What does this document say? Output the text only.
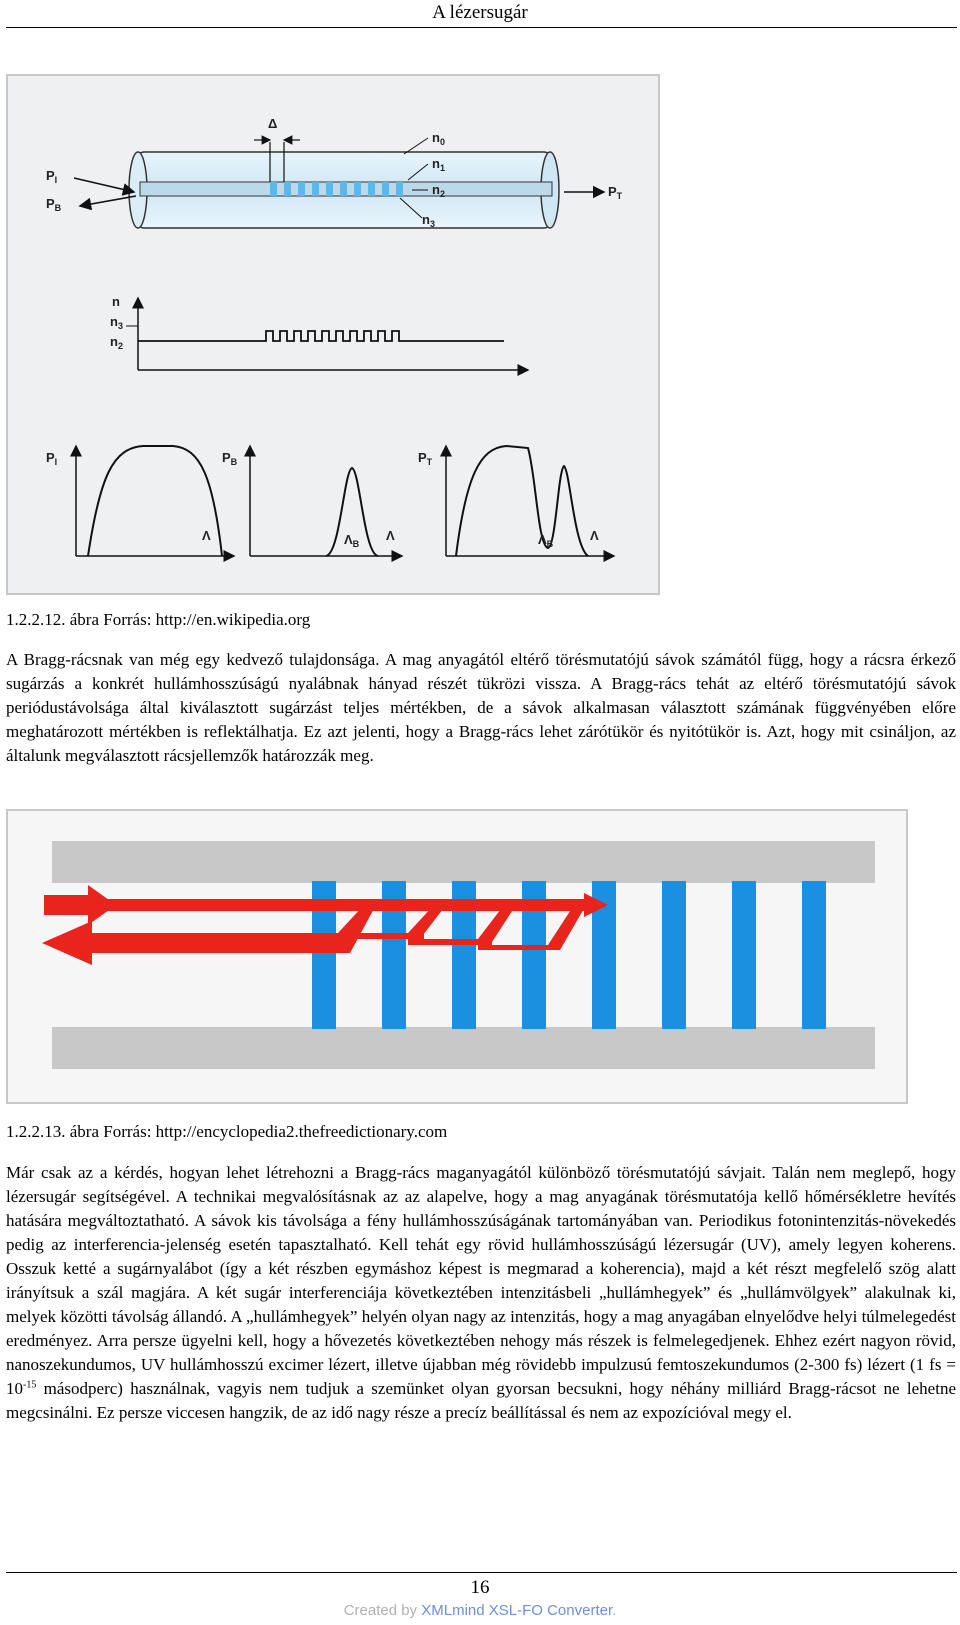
A lézersugár
Δ
$n_0$
$n_1$
$n_2$
$n_3$
$P_I$
$P_B$
$P_T$
n
$n_3$
$n_2$
$P_I$
Λ
$P_B$
$\Lambda_B$
Λ
$P_T$
$\Lambda_B$
Λ
1.2.2.12. ábra Forrás: http://en.wikipedia.org

A Bragg-rácsnak van még egy kedvező tulajdonsága. A mag anyagától eltérő törésmutatójú sávok számától függ, hogy a rácsra érkező sugárzás a konkrét hullámhosszúságú nyalábnak hányad részét tükrözi vissza. A Bragg-rács tehát az eltérő törésmutatójú sávok periódustávolsága által kiválasztott sugárzást teljes mértékben, de a sávok alkalmasan választott számának függvényében előre meghatározott mértékben is reflektálhatja. Ez azt jelenti, hogy a Bragg-rács lehet zárótükör és nyitótükör is. Azt, hogy mit csináljon, az általunk megválasztott rácsjellemzők határozzák meg.

1.2.2.13. ábra Forrás: http://encyclopedia2.thefreedictionary.com

Már csak az a kérdés, hogyan lehet létrehozni a Bragg-rács maganyagától különböző törésmutatójú sávjait. Talán nem meglepő, hogy lézersugár segítségével. A technikai megvalósításnak az az alapelve, hogy a mag anyagának törésmutatója kellő hőmérsékletre hevítés hatására megváltoztatható. A sávok kis távolsága a fény hullámhosszúságának tartományában van. Periodikus fotonintenzitás-növekedés pedig az interferencia-jelenség esetén tapasztalható. Kell tehát egy rövid hullámhosszúságú lézersugár (UV), amely legyen koherens. Osszuk ketté a sugárnyalábot (így a két részben egymáshoz képest is megmarad a koherencia), majd a két részt megfelelő szög alatt irányítsuk a szál magjára. A két sugár interferenciája következtében intenzitásbeli „hullámhegyek” és „hullámvölgyek” alakulnak ki, melyek közötti távolság állandó. A „hullámhegyek” helyén olyan nagy az intenzitás, hogy a mag anyagában elnyelődve helyi túlmelegedést eredményez. Arra persze ügyelni kell, hogy a hővezetés következtében nehogy más részek is felmelegedjenek. Ehhez ezért nagyon rövid, nanoszekundumos, UV hullámhosszú excimer lézert, illetve újabban még rövidebb impulzusú femtoszekundumos (2-300 fs) lézert (1 fs = $10^{-15}$ másodperc) használnak, vagyis nem tudjuk a szemünket olyan gyorsan becsukni, hogy néhány milliárd Bragg-rácsot ne lehetne megcsinálni. Ez persze viccesen hangzik, de az idő nagy része a precíz beállítással és nem az expozícióval megy el.

16
Created by XMLmind XSL-FO Converter.
